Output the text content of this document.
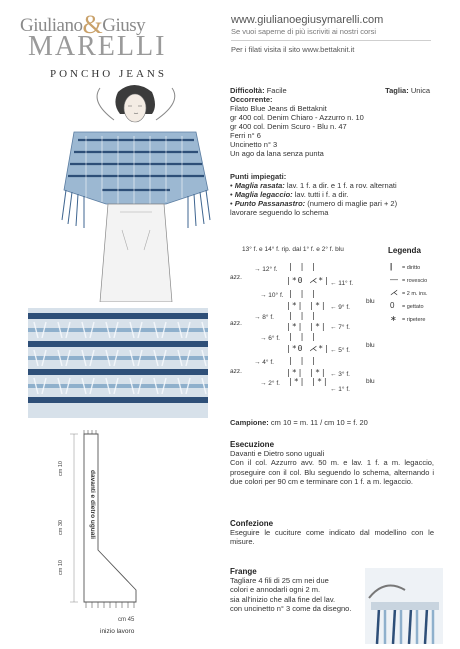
Giuliano&Giusy
MARELLI
PONCHO JEANS
www.giulianoegiusymarelli.com
Se vuoi saperne di più iscriviti ai nostri corsi
Per i filati visita il sito www.bettaknit.it
davanti e dietro uguali
cm 10
cm 30
cm 10
cm 45
inizio lavoro
Difficoltà: Facile	Taglia: Unica
Occorrente:
Filato Blue Jeans di Bettaknit
gr 400 col. Denim Chiaro - Azzurro n. 10
gr 400 col. Denim Scuro - Blu n. 47
Ferri n° 6
Uncinetto n° 3
Un ago da lana senza punta
Punti impiegati:
• Maglia rasata: lav. 1 f. a dir. e 1 f. a rov. alternati
• Maglia legaccio: lav. tutti i f. a dir.
• Punto Passanastro: (numero di maglie pari + 2)
lavorare seguendo lo schema
13° f. e 14° f. rip. dal 1° f. e 2° f. blu	Legenda
| = diritto
— = rovescio
⋌ = 2 m. ins.
0 = gettato
∗ = ripetere
→ 12° f. | | |
|*0 ⋌*| ← 11° f.
→ 10° f. | | |
|*| |*| ← 9° f.
→ 8° f. | | |
|*| |*| ← 7° f.
→ 6° f. | | |
|*0 ⋌*| ← 5° f.
→ 4° f. | | |
|*| |*| ← 3° f.
→ 2° f. |*| |*|
← 1° f.
azz.
azz.
azz.
blu
blu
blu
Campione: cm 10 = m. 11 / cm 10 = f. 20
Esecuzione
Davanti e Dietro sono uguali
Con il col. Azzurro avv. 50 m. e lav. 1 f. a m. legaccio, proseguire con il col. Blu seguendo lo schema, alternando i due colori per 90 cm e terminare con 1 f. a m. legaccio.
Confezione
Eseguire le cuciture come indicato dal modellino con le misure.
Frange
Tagliare 4 fili di 25 cm nei due
colori e annodarli ogni 2 m.
sia all'inizio che alla fine del lav.
con uncinetto n° 3 come da disegno.
